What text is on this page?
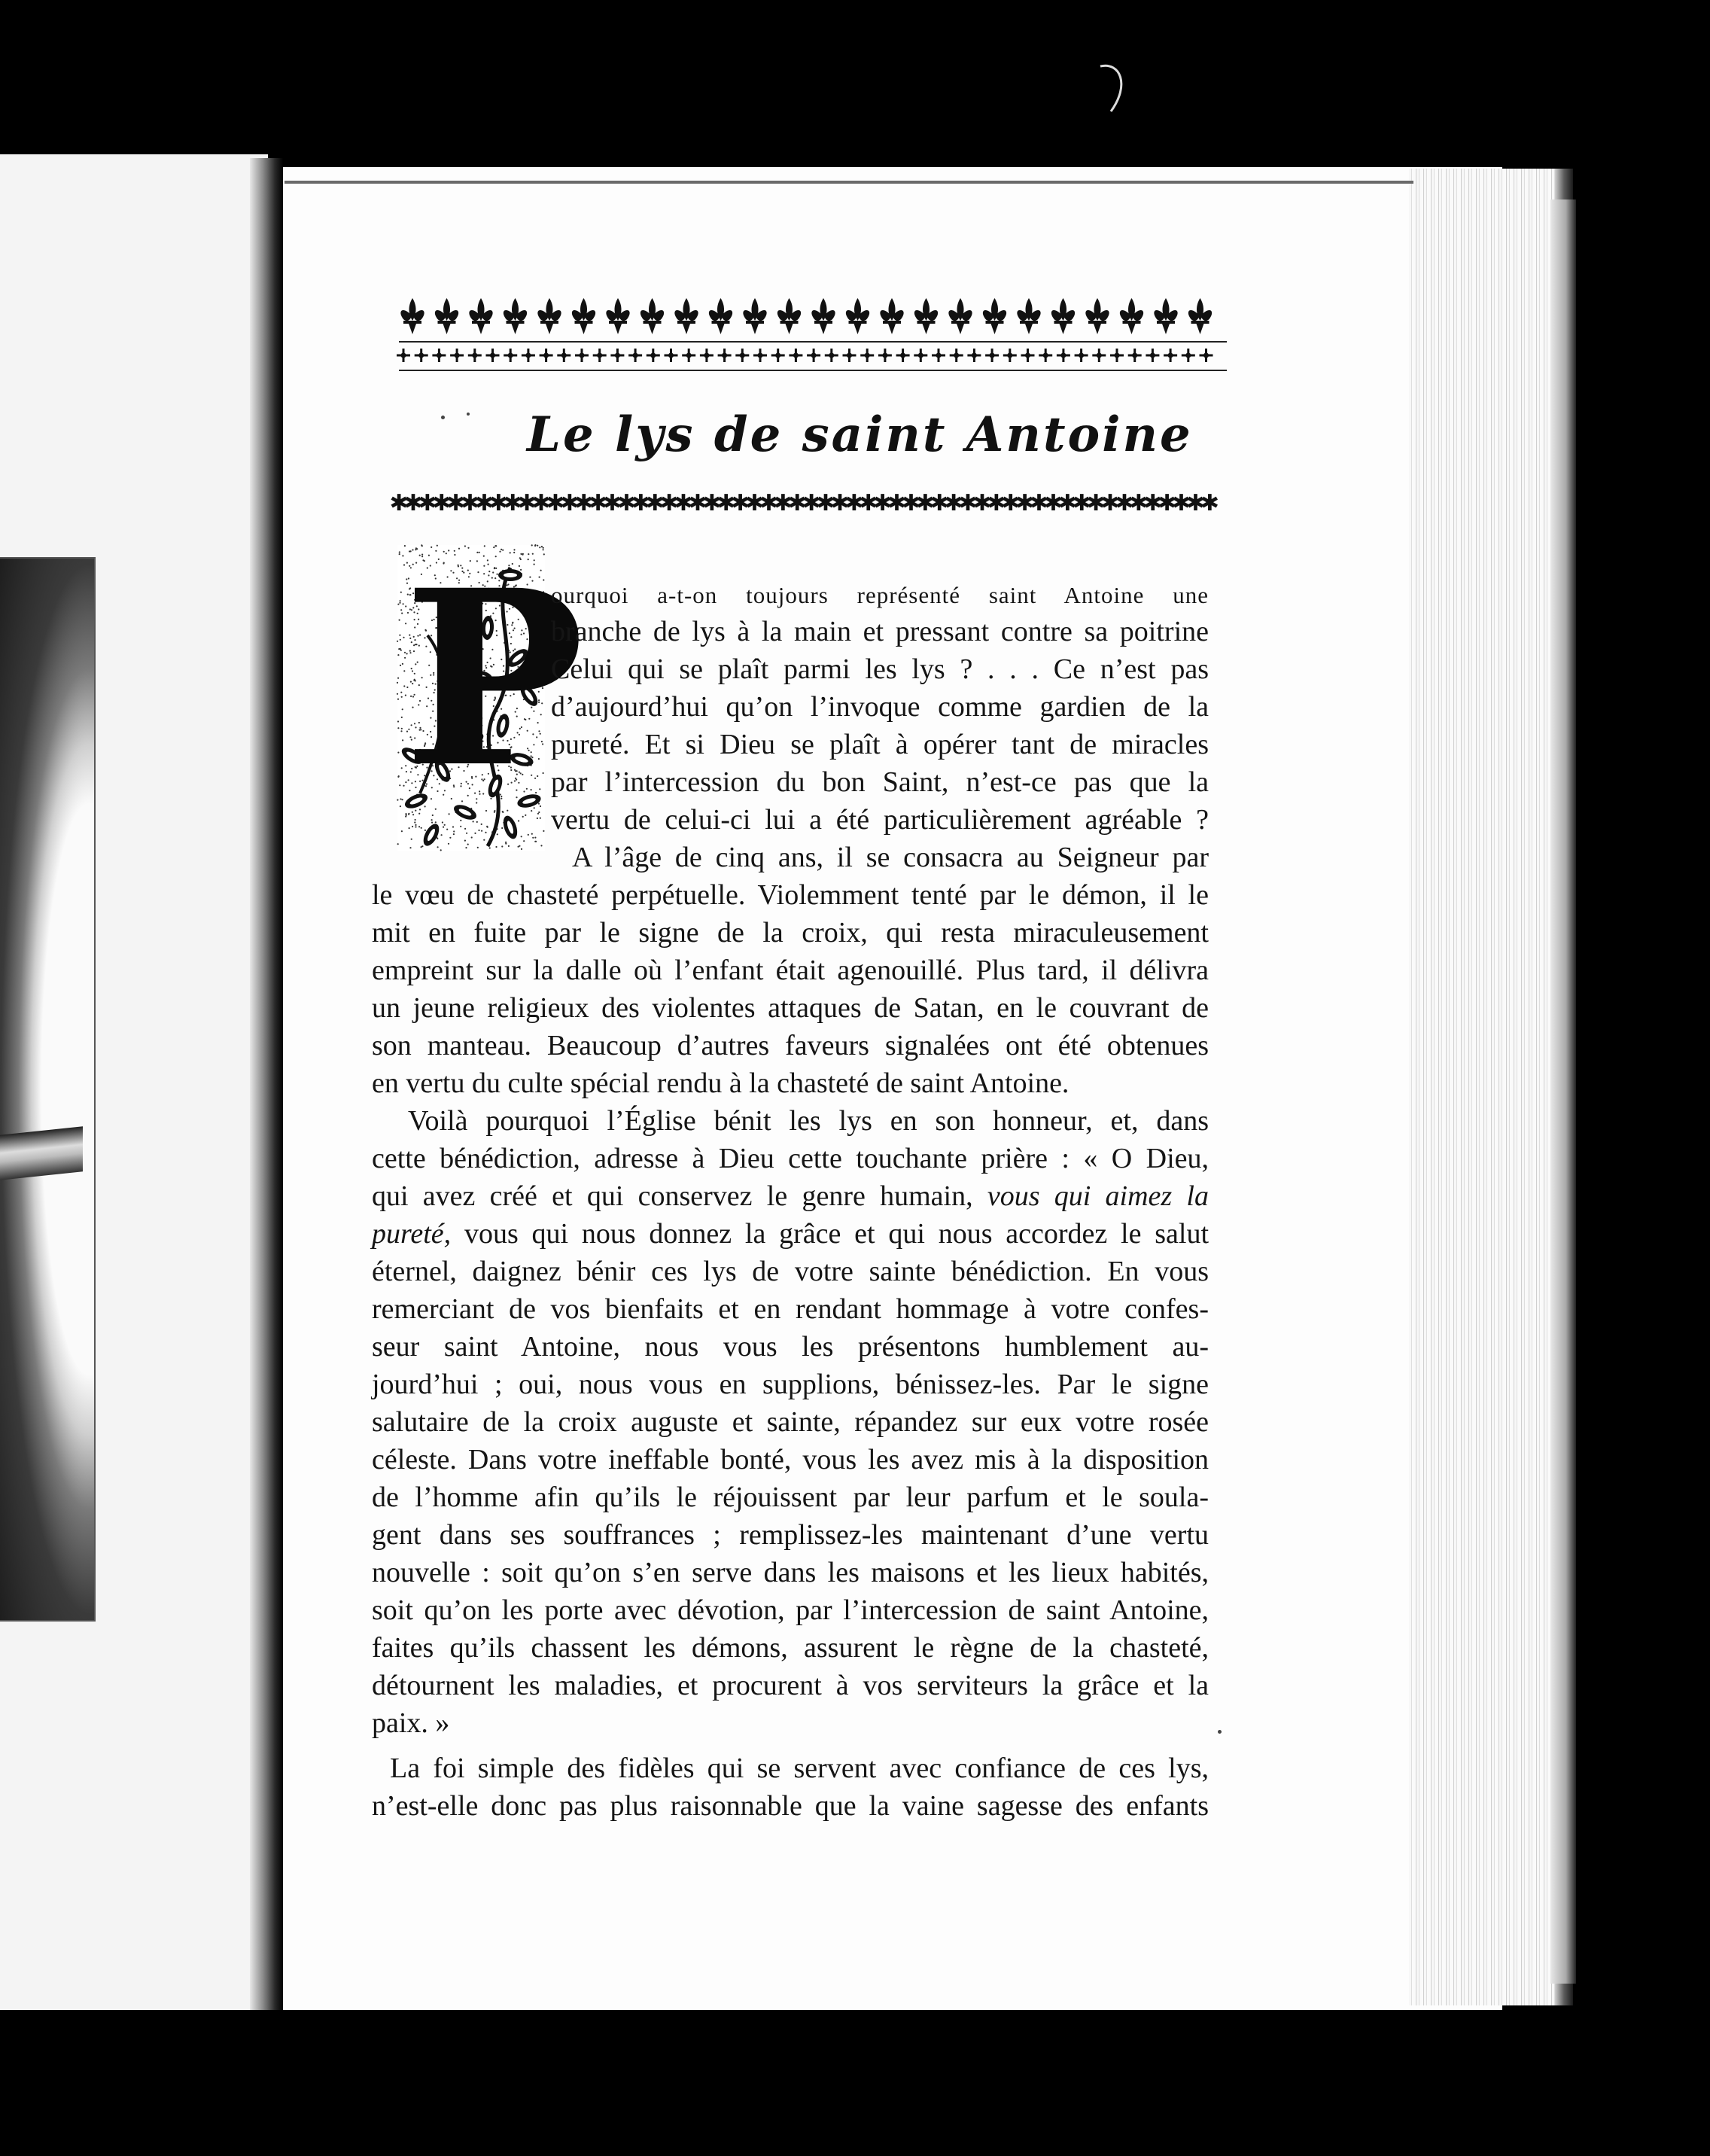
Le lys de saint Antoine
✱
✱
✱
✱
✱
✱
✱
✱
✱
✱
✱
✱
✱
✱
✱
✱
✱
✱
✱
✱
✱
✱
✱
✱
✱
✱
✱
✱
✱
✱
✱
✱
✱
✱
✱
✱
✱
✱
✱
✱
✱
✱
✱
✱
✱
✱
✱
✱
✱
✱
✱
✱
✱
✱
✱
✱
✱
✱
P

ourquoi a-t-on toujours représenté saint Antoine une

branche de lys à la main et pressant contre sa poitrine

Celui qui se plaît parmi les lys ? . . . Ce n’est pas

d’aujourd’hui qu’on l’invoque comme gardien de la

pureté. Et si Dieu se plaît à opérer tant de miracles

par l’intercession du bon Saint, n’est-ce pas que la

vertu de celui-ci lui a été particulièrement agréable ?

A l’âge de cinq ans, il se consacra au Seigneur par

le vœu de chasteté perpétuelle. Violemment tenté par le démon, il le

mit en fuite par le signe de la croix, qui resta miraculeusement

empreint sur la dalle où l’enfant était agenouillé. Plus tard, il délivra

un jeune religieux des violentes attaques de Satan, en le couvrant de

son manteau. Beaucoup d’autres faveurs signalées ont été obtenues

en vertu du culte spécial rendu à la chasteté de saint Antoine.

Voilà pourquoi l’Église bénit les lys en son honneur, et, dans

cette bénédiction, adresse à Dieu cette touchante prière : « O Dieu,

qui avez créé et qui conservez le genre humain, vous qui aimez la

pureté, vous qui nous donnez la grâce et qui nous accordez le salut

éternel, daignez bénir ces lys de votre sainte bénédiction. En vous

remerciant de vos bienfaits et en rendant hommage à votre confes-

seur saint Antoine, nous vous les présentons humblement au-

jourd’hui ; oui, nous vous en supplions, bénissez-les. Par le signe

salutaire de la croix auguste et sainte, répandez sur eux votre rosée

céleste. Dans votre ineffable bonté, vous les avez mis à la disposition

de l’homme afin qu’ils le réjouissent par leur parfum et le soula-

gent dans ses souffrances ; remplissez-les maintenant d’une vertu

nouvelle : soit qu’on s’en serve dans les maisons et les lieux habités,

soit qu’on les porte avec dévotion, par l’intercession de saint Antoine,

faites qu’ils chassent les démons, assurent le règne de la chasteté,

détournent les maladies, et procurent à vos serviteurs la grâce et la

paix. »

La foi simple des fidèles qui se servent avec confiance de ces lys,

n’est-elle donc pas plus raisonnable que la vaine sagesse des enfants
